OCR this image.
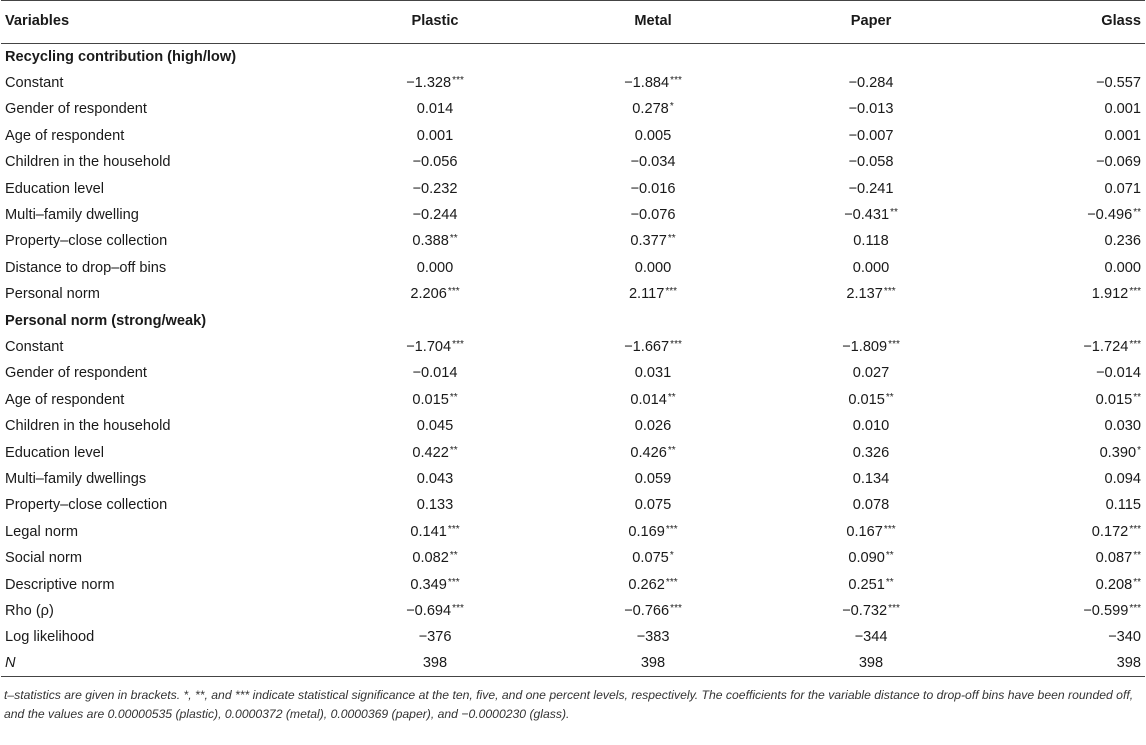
Variables	Plastic	Metal	Paper	Glass
Recycling contribution (high/low)				
Constant	−1.328***	−1.884***	−0.284	−0.557
Gender of respondent	0.014	0.278*	−0.013	0.001
Age of respondent	0.001	0.005	−0.007	0.001
Children in the household	−0.056	−0.034	−0.058	−0.069
Education level	−0.232	−0.016	−0.241	0.071
Multi–family dwelling	−0.244	−0.076	−0.431**	−0.496**
Property–close collection	0.388**	0.377**	0.118	0.236
Distance to drop–off bins	0.000	0.000	0.000	0.000
Personal norm	2.206***	2.117***	2.137***	1.912***
Personal norm (strong/weak)				
Constant	−1.704***	−1.667***	−1.809***	−1.724***
Gender of respondent	−0.014	0.031	0.027	−0.014
Age of respondent	0.015**	0.014**	0.015**	0.015**
Children in the household	0.045	0.026	0.010	0.030
Education level	0.422**	0.426**	0.326	0.390*
Multi–family dwellings	0.043	0.059	0.134	0.094
Property–close collection	0.133	0.075	0.078	0.115
Legal norm	0.141***	0.169***	0.167***	0.172***
Social norm	0.082**	0.075*	0.090**	0.087**
Descriptive norm	0.349***	0.262***	0.251**	0.208**
Rho (ρ)	−0.694***	−0.766***	−0.732***	−0.599***
Log likelihood	−376	−383	−344	−340
N	398	398	398	398
t–statistics are given in brackets. *, **, and *** indicate statistical significance at the ten, five, and one percent levels, respectively. The coefficients for the variable distance to drop-off bins have been rounded off, and the values are 0.00000535 (plastic), 0.0000372 (metal), 0.0000369 (paper), and −0.0000230 (glass).
